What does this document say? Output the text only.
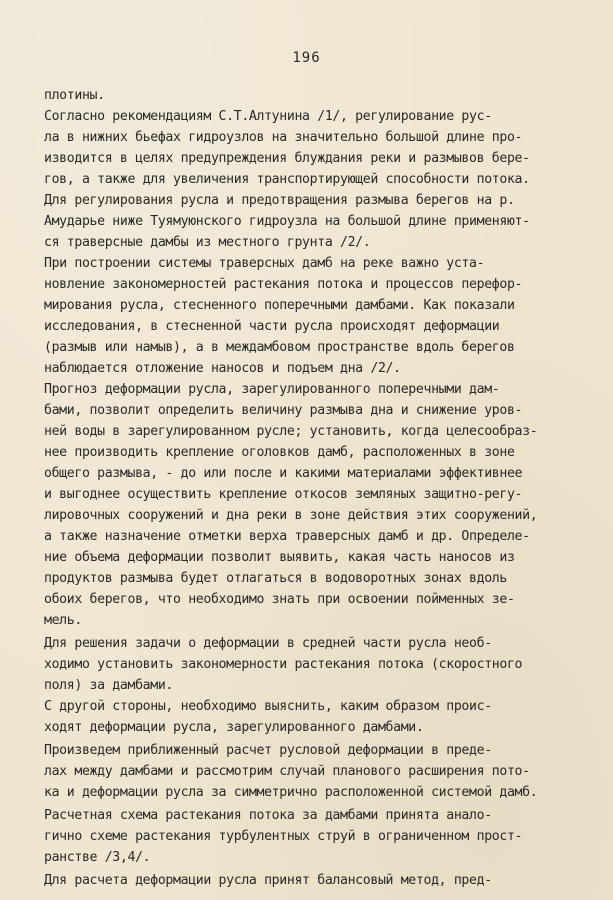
196
плотины.
Согласно рекомендациям С.Т.Алтунина /1/, регулирование рус-
ла в нижних бьефах гидроузлов на значительно большой длине про-
изводится в целях предупреждения блуждания реки и размывов бере-
гов, а также для увеличения транспортирующей способности потока.
Для регулирования русла и предотвращения размыва берегов на р.
Амударье ниже Туямуюнского гидроузла на большой длине применяют-
ся траверсные дамбы из местного грунта /2/.
При построении системы траверсных дамб на реке важно уста-
новление закономерностей растекания потока и процессов перефор-
мирования русла, стесненного поперечными дамбами. Как показали
исследования, в стесненной части русла происходят деформации
(размыв или намыв), а в междамбовом пространстве вдоль берегов
наблюдается отложение наносов и подъем дна /2/.
Прогноз деформации русла, зарегулированного поперечными дам-
бами, позволит определить величину размыва дна и снижение уров-
ней воды в зарегулированном русле; установить, когда целесообраз-
нее производить крепление оголовков дамб, расположенных в зоне
общего размыва, - до или после и какими материалами эффективнее
и выгоднее осуществить крепление откосов земляных защитно-регу-
лировочных сооружений и дна реки в зоне действия этих сооружений,
а также назначение отметки верха траверсных дамб и др. Определе-
ние объема деформации позволит выявить, какая часть наносов из
продуктов размыва будет отлагаться в водоворотных зонах вдоль
обоих берегов, что необходимо знать при освоении пойменных зе-
мель.
Для решения задачи о деформации в средней части русла необ-
ходимо установить закономерности растекания потока (скоростного
поля) за дамбами.
С другой стороны, необходимо выяснить, каким образом проис-
ходят деформации русла, зарегулированного дамбами.
Произведем приближенный расчет русловой деформации в преде-
лах между дамбами и рассмотрим случай планового расширения пото-
ка и деформации русла за симметрично расположенной системой дамб.
Расчетная схема растекания потока за дамбами принята анало-
гично схеме растекания турбулентных струй в ограниченном прост-
ранстве /3,4/.
Для расчета деформации русла принят балансовый метод, пред-
